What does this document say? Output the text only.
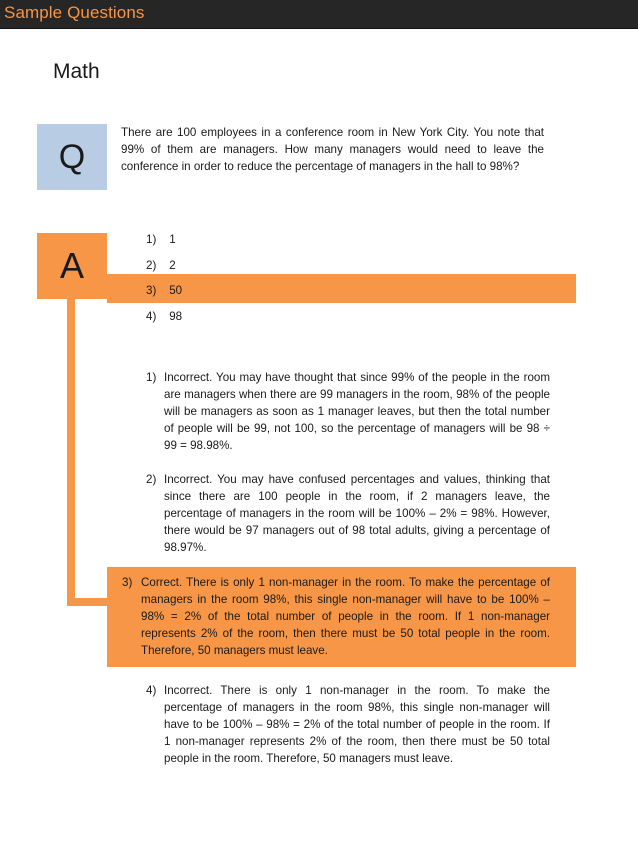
Sample Questions
Math
Q
There are 100 employees in a conference room in New York City. You note that 99% of them are managers. How many managers would need to leave the conference in order to reduce the percentage of managers in the hall to 98%?
A
1) 1
2) 2
3) 50
4) 98
1) Incorrect. You may have thought that since 99% of the people in the room are managers when there are 99 managers in the room, 98% of the people will be managers as soon as 1 manager leaves, but then the total number of people will be 99, not 100, so the percentage of managers will be 98 ÷ 99 = 98.98%.
2) Incorrect. You may have confused percentages and values, thinking that since there are 100 people in the room, if 2 managers leave, the percentage of managers in the room will be 100% – 2% = 98%. However, there would be 97 managers out of 98 total adults, giving a percentage of 98.97%.
3) Correct. There is only 1 non-manager in the room. To make the percentage of managers in the room 98%, this single non-manager will have to be 100% – 98% = 2% of the total number of people in the room. If 1 non-manager represents 2% of the room, then there must be 50 total people in the room. Therefore, 50 managers must leave.
4) Incorrect. There is only 1 non-manager in the room. To make the percentage of managers in the room 98%, this single non-manager will have to be 100% – 98% = 2% of the total number of people in the room. If 1 non-manager represents 2% of the room, then there must be 50 total people in the room. Therefore, 50 managers must leave.
